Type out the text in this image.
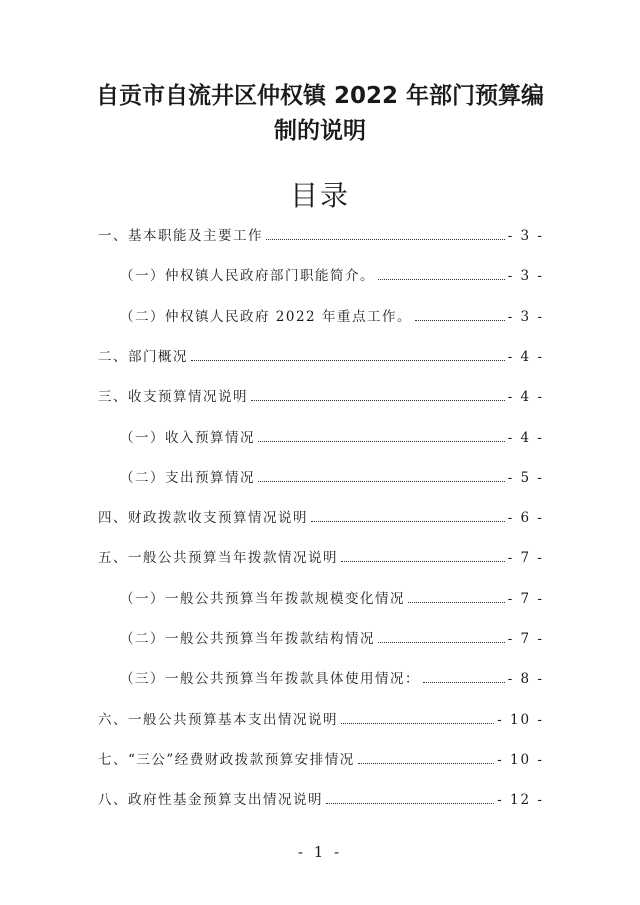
自贡市自流井区仲权镇 2022 年部门预算编
制的说明
目录
一、基本职能及主要工作	- 3 -
（一）仲权镇人民政府部门职能简介。	- 3 -
（二）仲权镇人民政府 2022 年重点工作。	- 3 -
二、部门概况	- 4 -
三、收支预算情况说明	- 4 -
（一）收入预算情况	- 4 -
（二）支出预算情况	- 5 -
四、财政拨款收支预算情况说明	- 6 -
五、一般公共预算当年拨款情况说明	- 7 -
（一）一般公共预算当年拨款规模变化情况	- 7 -
（二）一般公共预算当年拨款结构情况	- 7 -
（三）一般公共预算当年拨款具体使用情况：	- 8 -
六、一般公共预算基本支出情况说明	- 10 -
七、“三公”经费财政拨款预算安排情况	- 10 -
八、政府性基金预算支出情况说明	- 12 -
- 1 -
